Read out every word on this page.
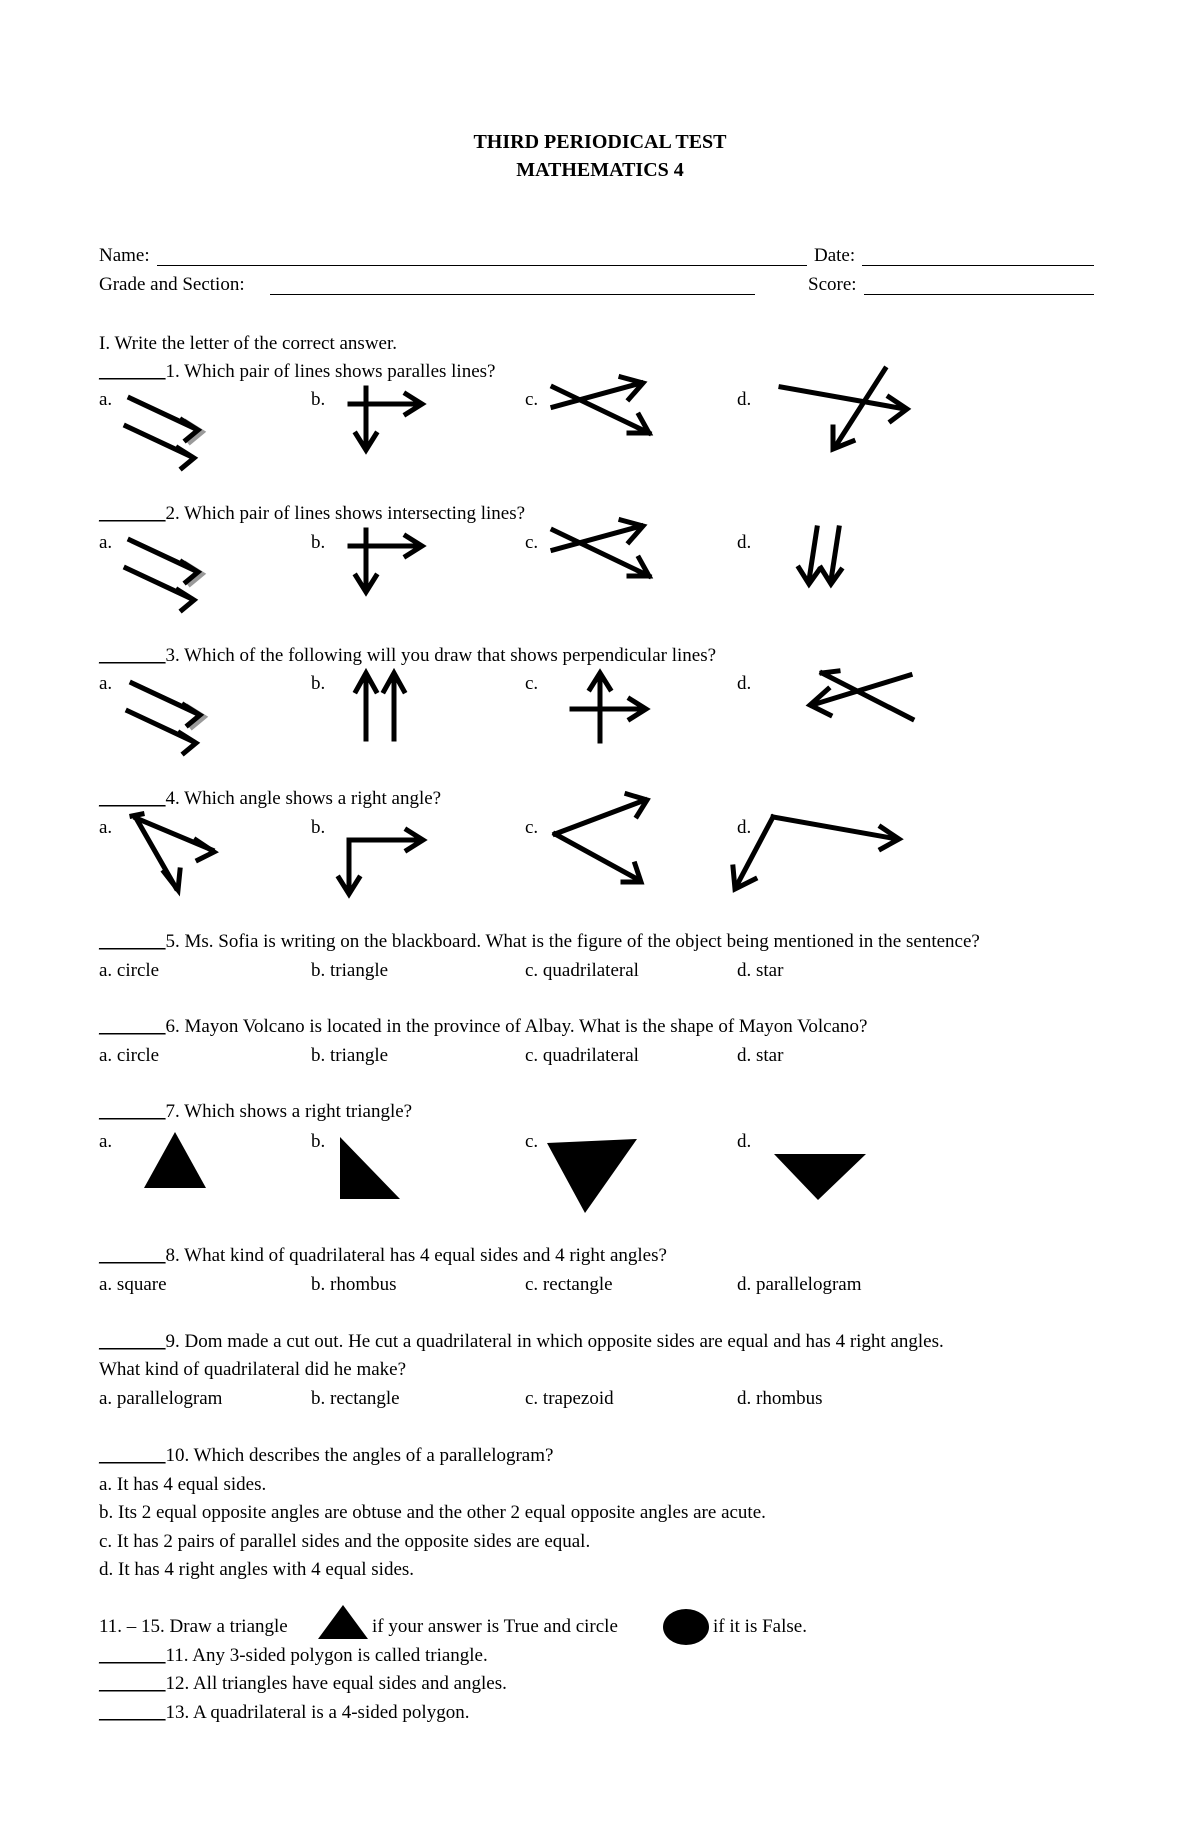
THIRD PERIODICAL TEST
MATHEMATICS 4
Name:	Date:
Grade and Section:	Score:
I. Write the letter of the correct answer.
_______1. Which pair of lines shows paralles lines?
a.	b.	c.	d.
_______2. Which pair of lines shows intersecting lines?
a.	b.	c.	d.
_______3. Which of the following will you draw that shows perpendicular lines?
a.	b.	c.	d.
_______4. Which angle shows a right angle?
a.	b.	c.	d.
_______5. Ms. Sofia is writing on the blackboard. What is the figure of the object being mentioned in the sentence?
a. circle	b. triangle	c. quadrilateral	d. star
_______6. Mayon Volcano is located in the province of Albay. What is the shape of Mayon Volcano?
a. circle	b. triangle	c. quadrilateral	d. star
_______7. Which shows a right triangle?
a.	b.	c.	d.
_______8. What kind of quadrilateral has 4 equal sides and 4 right angles?
a. square	b. rhombus	c. rectangle	d. parallelogram
_______9. Dom made a cut out. He cut a quadrilateral in which opposite sides are equal and has 4 right angles.
What kind of quadrilateral did he make?
a. parallelogram	b. rectangle	c. trapezoid	d. rhombus
_______10. Which describes the angles of a parallelogram?
a. It has 4 equal sides.
b. Its 2 equal opposite angles are obtuse and the other 2 equal opposite angles are acute.
c. It has 2 pairs of parallel sides and the opposite sides are equal.
d. It has 4 right angles with 4 equal sides.
11. – 15. Draw a triangle	if your answer is True and circle	if it is False.
_______11. Any 3-sided polygon is called triangle.
_______12. All triangles have equal sides and angles.
_______13. A quadrilateral is a 4-sided polygon.
